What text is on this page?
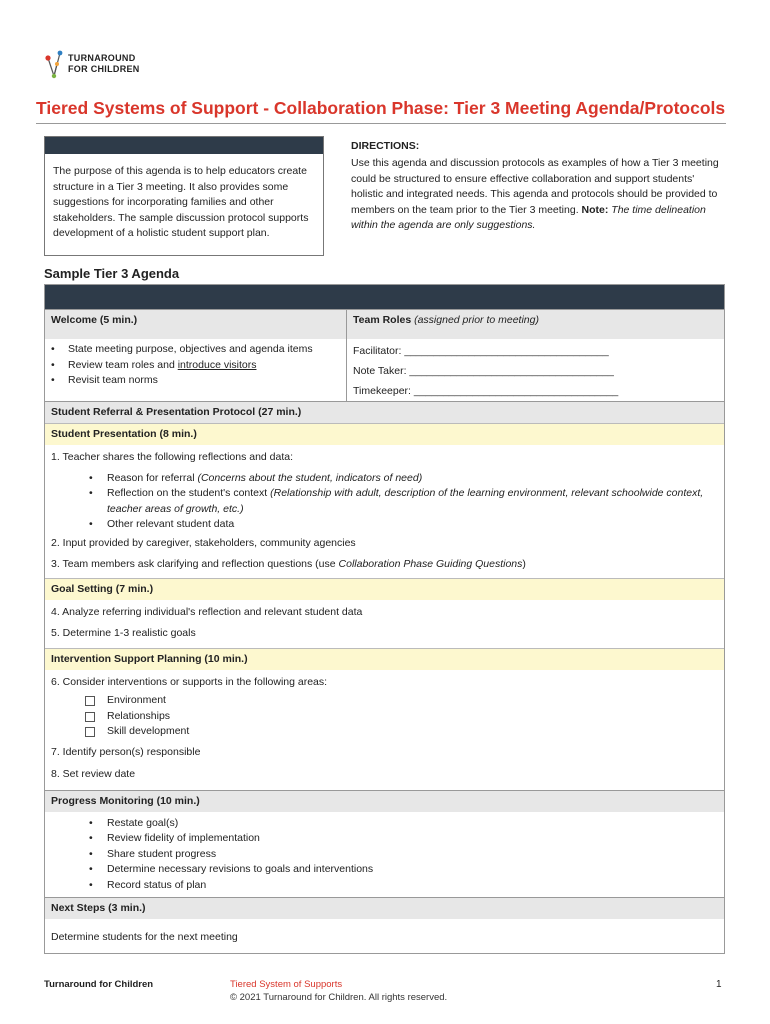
TURNAROUND
FOR CHILDREN
Tiered Systems of Support - Collaboration Phase: Tier 3 Meeting Agenda/Protocols
The purpose of this agenda is to help educators create structure in a Tier 3 meeting. It also provides some suggestions for incorporating families and other stakeholders. The sample discussion protocol supports development of a holistic student support plan.
DIRECTIONS:
Use this agenda and discussion protocols as examples of how a Tier 3 meeting could be structured to ensure effective collaboration and support students' holistic and integrated needs. This agenda and protocols should be provided to members on the team prior to the Tier 3 meeting. Note: The time delineation within the agenda are only suggestions.
Sample Tier 3 Agenda
Welcome (5 min.)
• State meeting purpose, objectives and agenda items
• Review team roles and introduce visitors
• Revisit team norms
Team Roles (assigned prior to meeting)
Facilitator: ___________________________________
Note Taker: ___________________________________
Timekeeper: ___________________________________
Student Referral & Presentation Protocol (27 min.)
Student Presentation (8 min.)
1. Teacher shares the following reflections and data:
• Reason for referral (Concerns about the student, indicators of need)
• Reflection on the student's context (Relationship with adult, description of the learning environment, relevant schoolwide context, teacher areas of growth, etc.)
• Other relevant student data
2. Input provided by caregiver, stakeholders, community agencies
3. Team members ask clarifying and reflection questions (use Collaboration Phase Guiding Questions)
Goal Setting (7 min.)
4. Analyze referring individual's reflection and relevant student data
5. Determine 1-3 realistic goals
Intervention Support Planning (10 min.)
6. Consider interventions or supports in the following areas:
Environment
Relationships
Skill development
7. Identify person(s) responsible
8. Set review date
Progress Monitoring (10 min.)
• Restate goal(s)
• Review fidelity of implementation
• Share student progress
• Determine necessary revisions to goals and interventions
• Record status of plan
Next Steps (3 min.)
Determine students for the next meeting
Turnaround for Children	Tiered System of Supports
© 2021 Turnaround for Children. All rights reserved.
1
